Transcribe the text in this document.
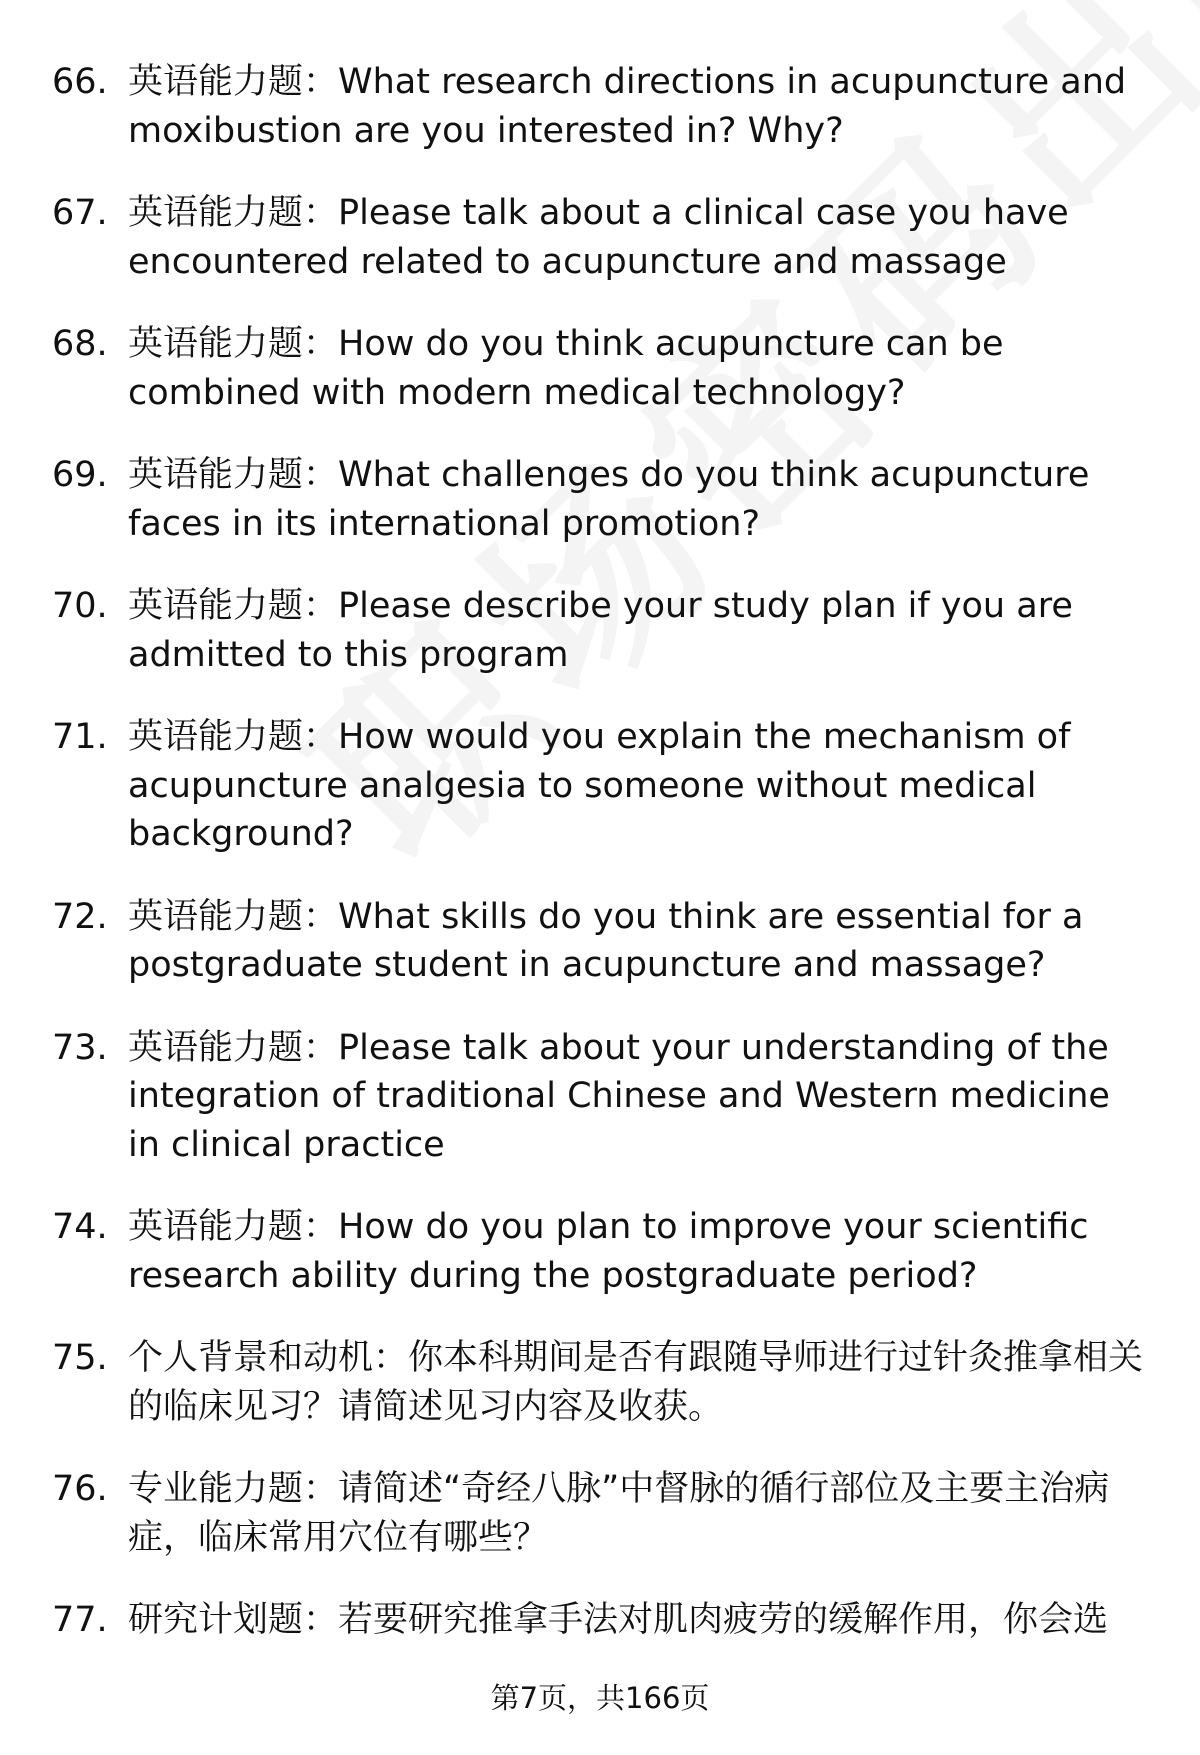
66. 英语能力题：What research directions in acupuncture and moxibustion are you interested in? Why?
67. 英语能力题：Please talk about a clinical case you have encountered related to acupuncture and massage
68. 英语能力题：How do you think acupuncture can be combined with modern medical technology?
69. 英语能力题：What challenges do you think acupuncture faces in its international promotion?
70. 英语能力题：Please describe your study plan if you are admitted to this program
71. 英语能力题：How would you explain the mechanism of acupuncture analgesia to someone without medical background?
72. 英语能力题：What skills do you think are essential for a postgraduate student in acupuncture and massage?
73. 英语能力题：Please talk about your understanding of the integration of traditional Chinese and Western medicine in clinical practice
74. 英语能力题：How do you plan to improve your scientific research ability during the postgraduate period?
75. 个人背景和动机：你本科期间是否有跟随导师进行过针灸推拿相关的临床见习？请简述见习内容及收获。
76. 专业能力题：请简述“奇经八脉”中督脉的循行部位及主要主治病症，临床常用穴位有哪些？
77. 研究计划题：若要研究推拿手法对肌肉疲劳的缓解作用，你会选
第7页，共166页
